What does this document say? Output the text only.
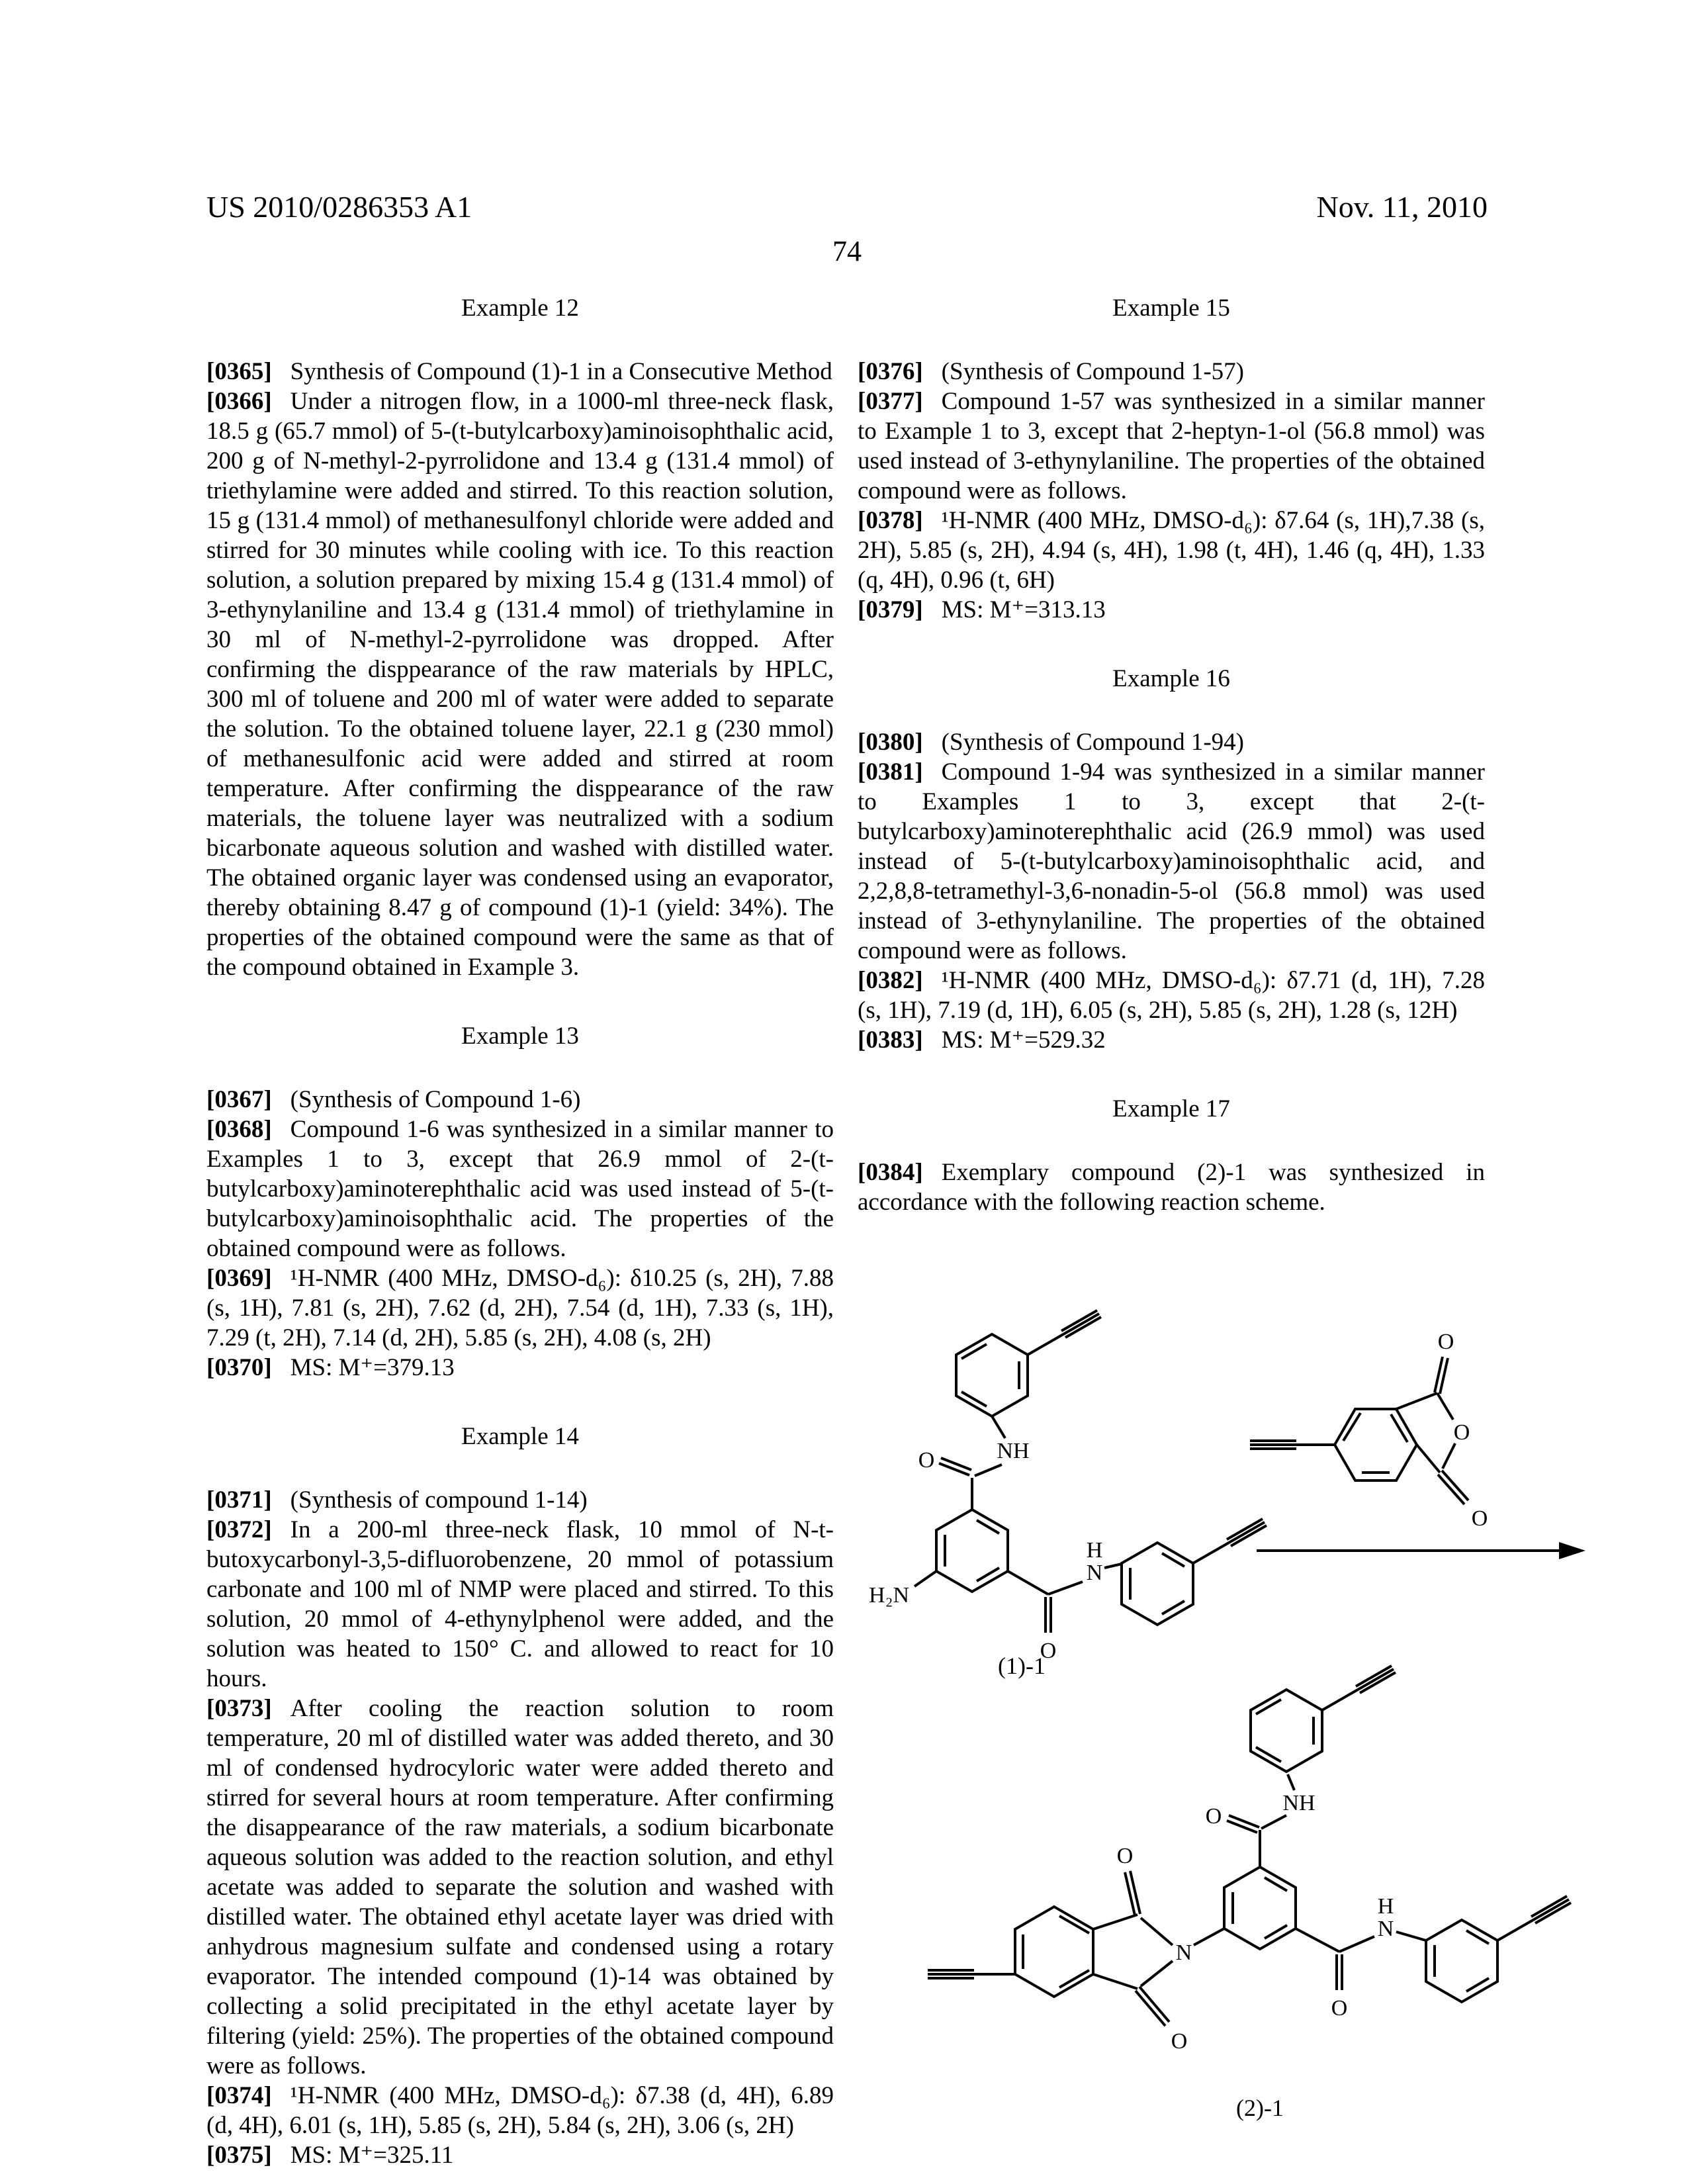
US 2010/0286353 A1	Nov. 11, 2010
74
Example 12

[0365] Synthesis of Compound (1)-1 in a Consecutive Method

[0366] Under a nitrogen flow, in a 1000-ml three-neck flask, 18.5 g (65.7 mmol) of 5-(t-butylcarboxy)aminoisophthalic acid, 200 g of N-methyl-2-pyrrolidone and 13.4 g (131.4 mmol) of triethylamine were added and stirred. To this reaction solution, 15 g (131.4 mmol) of methanesulfonyl chloride were added and stirred for 30 minutes while cooling with ice. To this reaction solution, a solution prepared by mixing 15.4 g (131.4 mmol) of 3-ethynylaniline and 13.4 g (131.4 mmol) of triethylamine in 30 ml of N-methyl-2-pyrrolidone was dropped. After confirming the disppearance of the raw materials by HPLC, 300 ml of toluene and 200 ml of water were added to separate the solution. To the obtained toluene layer, 22.1 g (230 mmol) of methanesulfonic acid were added and stirred at room temperature. After confirming the disppearance of the raw materials, the toluene layer was neutralized with a sodium bicarbonate aqueous solution and washed with distilled water. The obtained organic layer was condensed using an evaporator, thereby obtaining 8.47 g of compound (1)-1 (yield: 34%). The properties of the obtained compound were the same as that of the compound obtained in Example 3.

Example 13

[0367] (Synthesis of Compound 1-6)

[0368] Compound 1-6 was synthesized in a similar manner to Examples 1 to 3, except that 26.9 mmol of 2-(t-butylcarboxy)aminoterephthalic acid was used instead of 5-(t-butylcarboxy)aminoisophthalic acid. The properties of the obtained compound were as follows.

[0369] ¹H-NMR (400 MHz, DMSO-d₆): δ10.25 (s, 2H), 7.88 (s, 1H), 7.81 (s, 2H), 7.62 (d, 2H), 7.54 (d, 1H), 7.33 (s, 1H), 7.29 (t, 2H), 7.14 (d, 2H), 5.85 (s, 2H), 4.08 (s, 2H)

[0370] MS: M⁺=379.13

Example 14

[0371] (Synthesis of compound 1-14)

[0372] In a 200-ml three-neck flask, 10 mmol of N-t-butoxycarbonyl-3,5-difluorobenzene, 20 mmol of potassium carbonate and 100 ml of NMP were placed and stirred. To this solution, 20 mmol of 4-ethynylphenol were added, and the solution was heated to 150° C. and allowed to react for 10 hours.

[0373] After cooling the reaction solution to room temperature, 20 ml of distilled water was added thereto, and 30 ml of condensed hydrocyloric water were added thereto and stirred for several hours at room temperature. After confirming the disappearance of the raw materials, a sodium bicarbonate aqueous solution was added to the reaction solution, and ethyl acetate was added to separate the solution and washed with distilled water. The obtained ethyl acetate layer was dried with anhydrous magnesium sulfate and condensed using a rotary evaporator. The intended compound (1)-14 was obtained by collecting a solid precipitated in the ethyl acetate layer by filtering (yield: 25%). The properties of the obtained compound were as follows.

[0374] ¹H-NMR (400 MHz, DMSO-d₆): δ7.38 (d, 4H), 6.89 (d, 4H), 6.01 (s, 1H), 5.85 (s, 2H), 5.84 (s, 2H), 3.06 (s, 2H)

[0375] MS: M⁺=325.11

Example 15

[0376] (Synthesis of Compound 1-57)

[0377] Compound 1-57 was synthesized in a similar manner to Example 1 to 3, except that 2-heptyn-1-ol (56.8 mmol) was used instead of 3-ethynylaniline. The properties of the obtained compound were as follows.

[0378] ¹H-NMR (400 MHz, DMSO-d₆): δ7.64 (s, 1H),7.38 (s, 2H), 5.85 (s, 2H), 4.94 (s, 4H), 1.98 (t, 4H), 1.46 (q, 4H), 1.33 (q, 4H), 0.96 (t, 6H)

[0379] MS: M⁺=313.13

Example 16

[0380] (Synthesis of Compound 1-94)

[0381] Compound 1-94 was synthesized in a similar manner to Examples 1 to 3, except that 2-(t-butylcarboxy)aminoterephthalic acid (26.9 mmol) was used instead of 5-(t-butylcarboxy)aminoisophthalic acid, and 2,2,8,8-tetramethyl-3,6-nonadin-5-ol (56.8 mmol) was used instead of 3-ethynylaniline. The properties of the obtained compound were as follows.

[0382] ¹H-NMR (400 MHz, DMSO-d₆): δ7.71 (d, 1H), 7.28 (s, 1H), 7.19 (d, 1H), 6.05 (s, 2H), 5.85 (s, 2H), 1.28 (s, 12H)

[0383] MS: M⁺=529.32

Example 17

[0384] Exemplary compound (2)-1 was synthesized in accordance with the following reaction scheme.

NH
O
H₂N
O
H
N
(1)-1
O
O
O
NH
O
O
H
N
N
O
O
(2)-1
